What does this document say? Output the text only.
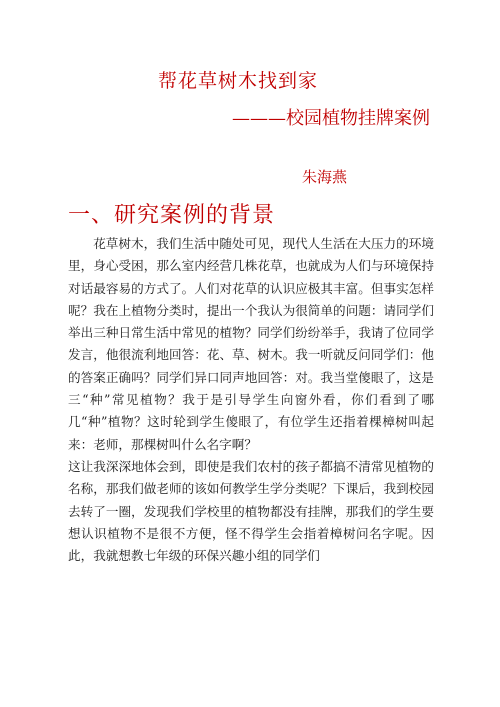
帮花草树木找到家
———校园植物挂牌案例
朱海燕
一、研究案例的背景

花草树木，我们生活中随处可见，现代人生活在大压力的环境里，身心受困，那么室内经营几株花草，也就成为人们与环境保持对话最容易的方式了。人们对花草的认识应极其丰富。但事实怎样呢？我在上植物分类时，提出一个我认为很简单的问题：请同学们举出三种日常生活中常见的植物？同学们纷纷举手，我请了位同学发言，他很流利地回答：花、草、树木。我一听就反问同学们：他的答案正确吗？同学们异口同声地回答：对。我当堂傻眼了，这是三“种”常见植物？我于是引导学生向窗外看，你们看到了哪几“种”植物？这时轮到学生傻眼了，有位学生还指着棵樟树叫起来：老师，那棵树叫什么名字啊？

这让我深深地体会到，即使是我们农村的孩子都搞不清常见植物的名称，那我们做老师的该如何教学生学分类呢？下课后，我到校园去转了一圈，发现我们学校里的植物都没有挂牌，那我们的学生要想认识植物不是很不方便，怪不得学生会指着樟树问名字呢。因此，我就想教七年级的环保兴趣小组的同学们
